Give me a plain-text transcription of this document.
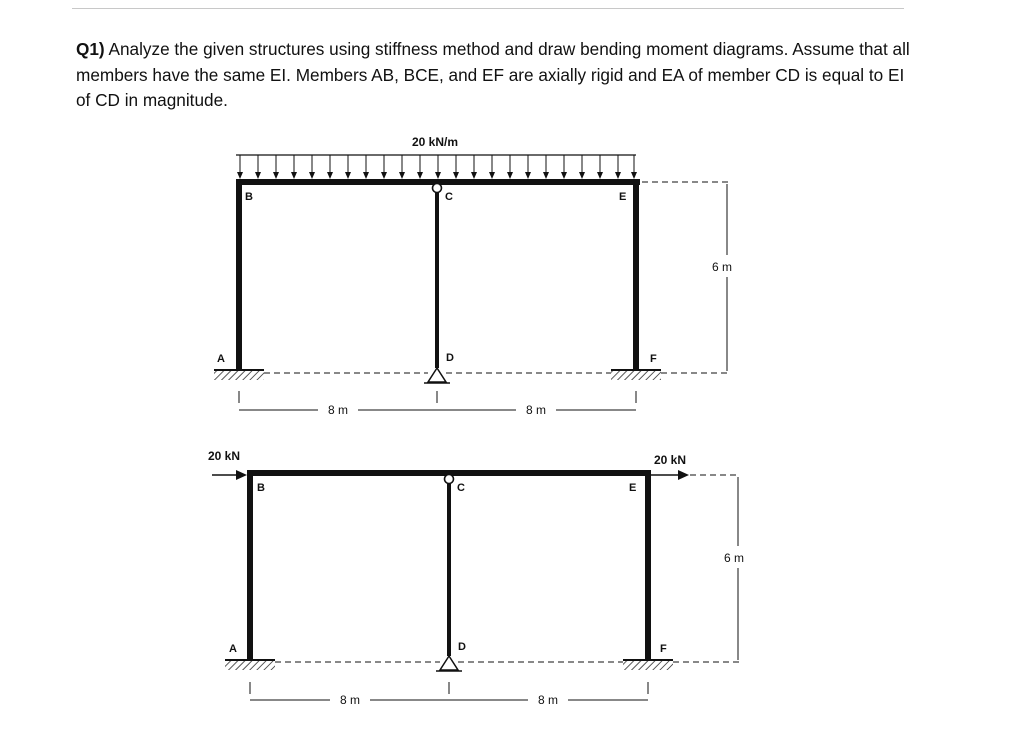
Q1) Analyze the given structures using stiffness method and draw bending moment diagrams. Assume that all members have the same EI. Members AB, BCE, and EF are axially rigid and EA of member CD is equal to EI of CD in magnitude.
20 kN/m
6 m
8 m	8 m
B	C	E
A	D	F
20 kN	20 kN
6 m
8 m	8 m
B	C	E
A	D	F
